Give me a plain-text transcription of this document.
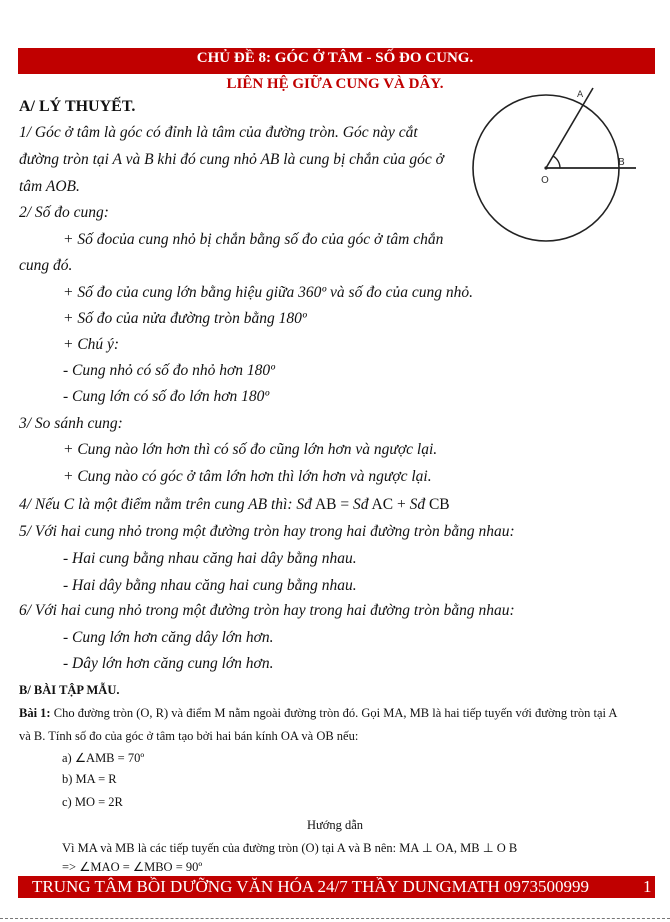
CHỦ ĐỀ 8: GÓC Ở TÂM - SỐ ĐO CUNG.
LIÊN HỆ GIỮA CUNG VÀ DÂY.
A/ LÝ THUYẾT.
1/ Góc ở tâm là góc có đỉnh là tâm của đường tròn. Góc này cắt
đường tròn tại A và B khi đó cung nhỏ AB là cung bị chắn của góc ở
tâm AOB.
2/ Số đo cung:
+ Số đocủa cung nhỏ bị chắn bằng số đo của góc ở tâm chắn
cung đó.
+ Số đo của cung lớn bằng hiệu giữa 360º và số đo của cung nhỏ.
+ Số đo của nửa đường tròn bằng 180º
+ Chú ý:
- Cung nhỏ có số đo nhỏ hơn 180º
- Cung lớn có số đo lớn hơn 180º
3/ So sánh cung:
+ Cung nào lớn hơn thì có số đo cũng lớn hơn và ngược lại.
+ Cung nào có góc ở tâm lớn hơn thì lớn hơn và ngược lại.
4/ Nếu C là một điểm nằm trên cung AB thì: Sđ AB = Sđ AC + Sđ CB
5/ Với hai cung nhỏ trong một đường tròn hay trong hai đường tròn bằng nhau:
- Hai cung bằng nhau căng hai dây bằng nhau.
- Hai dây bằng nhau căng hai cung bằng nhau.
6/ Với hai cung nhỏ trong một đường tròn hay trong hai đường tròn bằng nhau:
- Cung lớn hơn căng dây lớn hơn.
- Dây lớn hơn căng cung lớn hơn.
A
B
O
B/ BÀI TẬP MẪU.
Bài 1: Cho đường tròn (O, R) và điểm M nằm ngoài đường tròn đó. Gọi MA, MB là hai tiếp tuyến với đường tròn tại A
và B. Tính số đo của góc ở tâm tạo bởi hai bán kính OA và OB nếu:
a) ∠AMB = 70º
b) MA = R
c) MO = 2R
Hướng dẫn
Vì MA và MB là các tiếp tuyến của đường tròn (O) tại A và B nên: MA ⊥ OA, MB ⊥ O B
=> ∠MAO = ∠MBO = 90º
TRUNG TÂM BỒI DƯỠNG VĂN HÓA 24/7 THẦY DUNGMATH 0973500999	1
